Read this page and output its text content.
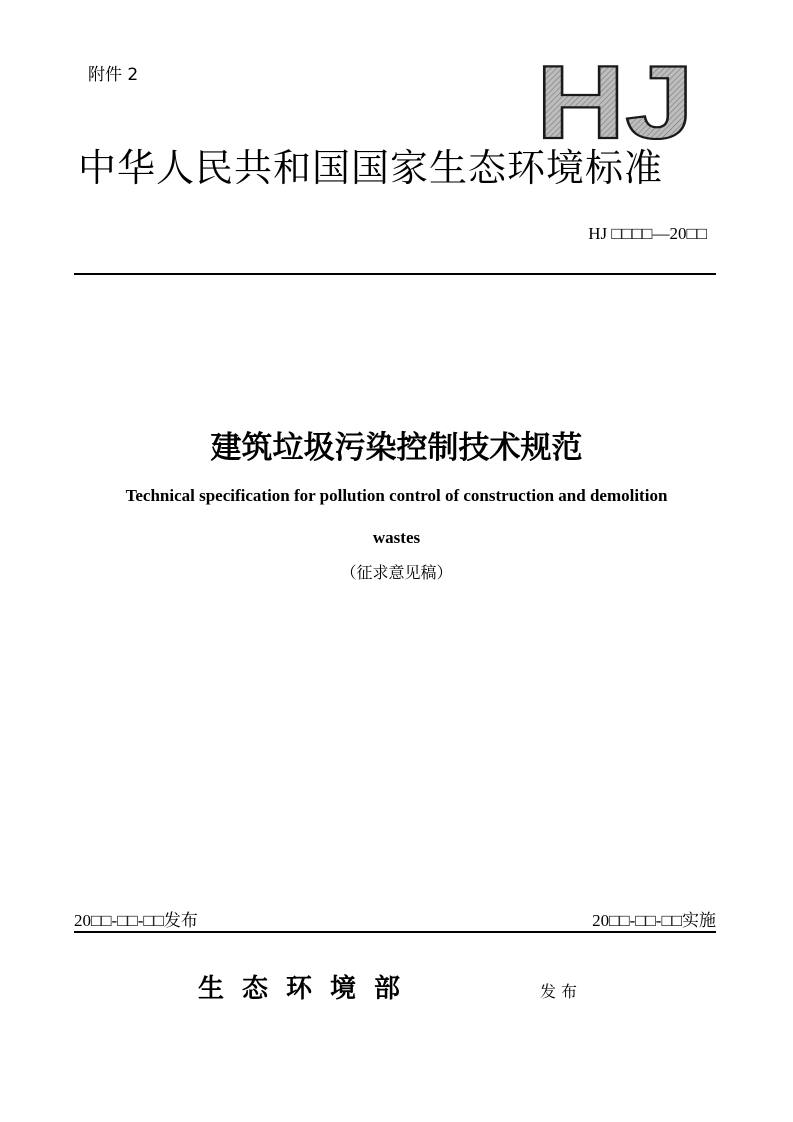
附件 2	HJ
中华人民共和国国家生态环境标准
HJ □□□□—20□□
建筑垃圾污染控制技术规范
Technical specification for pollution control of construction and demolition
wastes
（征求意见稿）
20□□-□□-□□发布	20□□-□□-□□实施
生态环境部	发布
